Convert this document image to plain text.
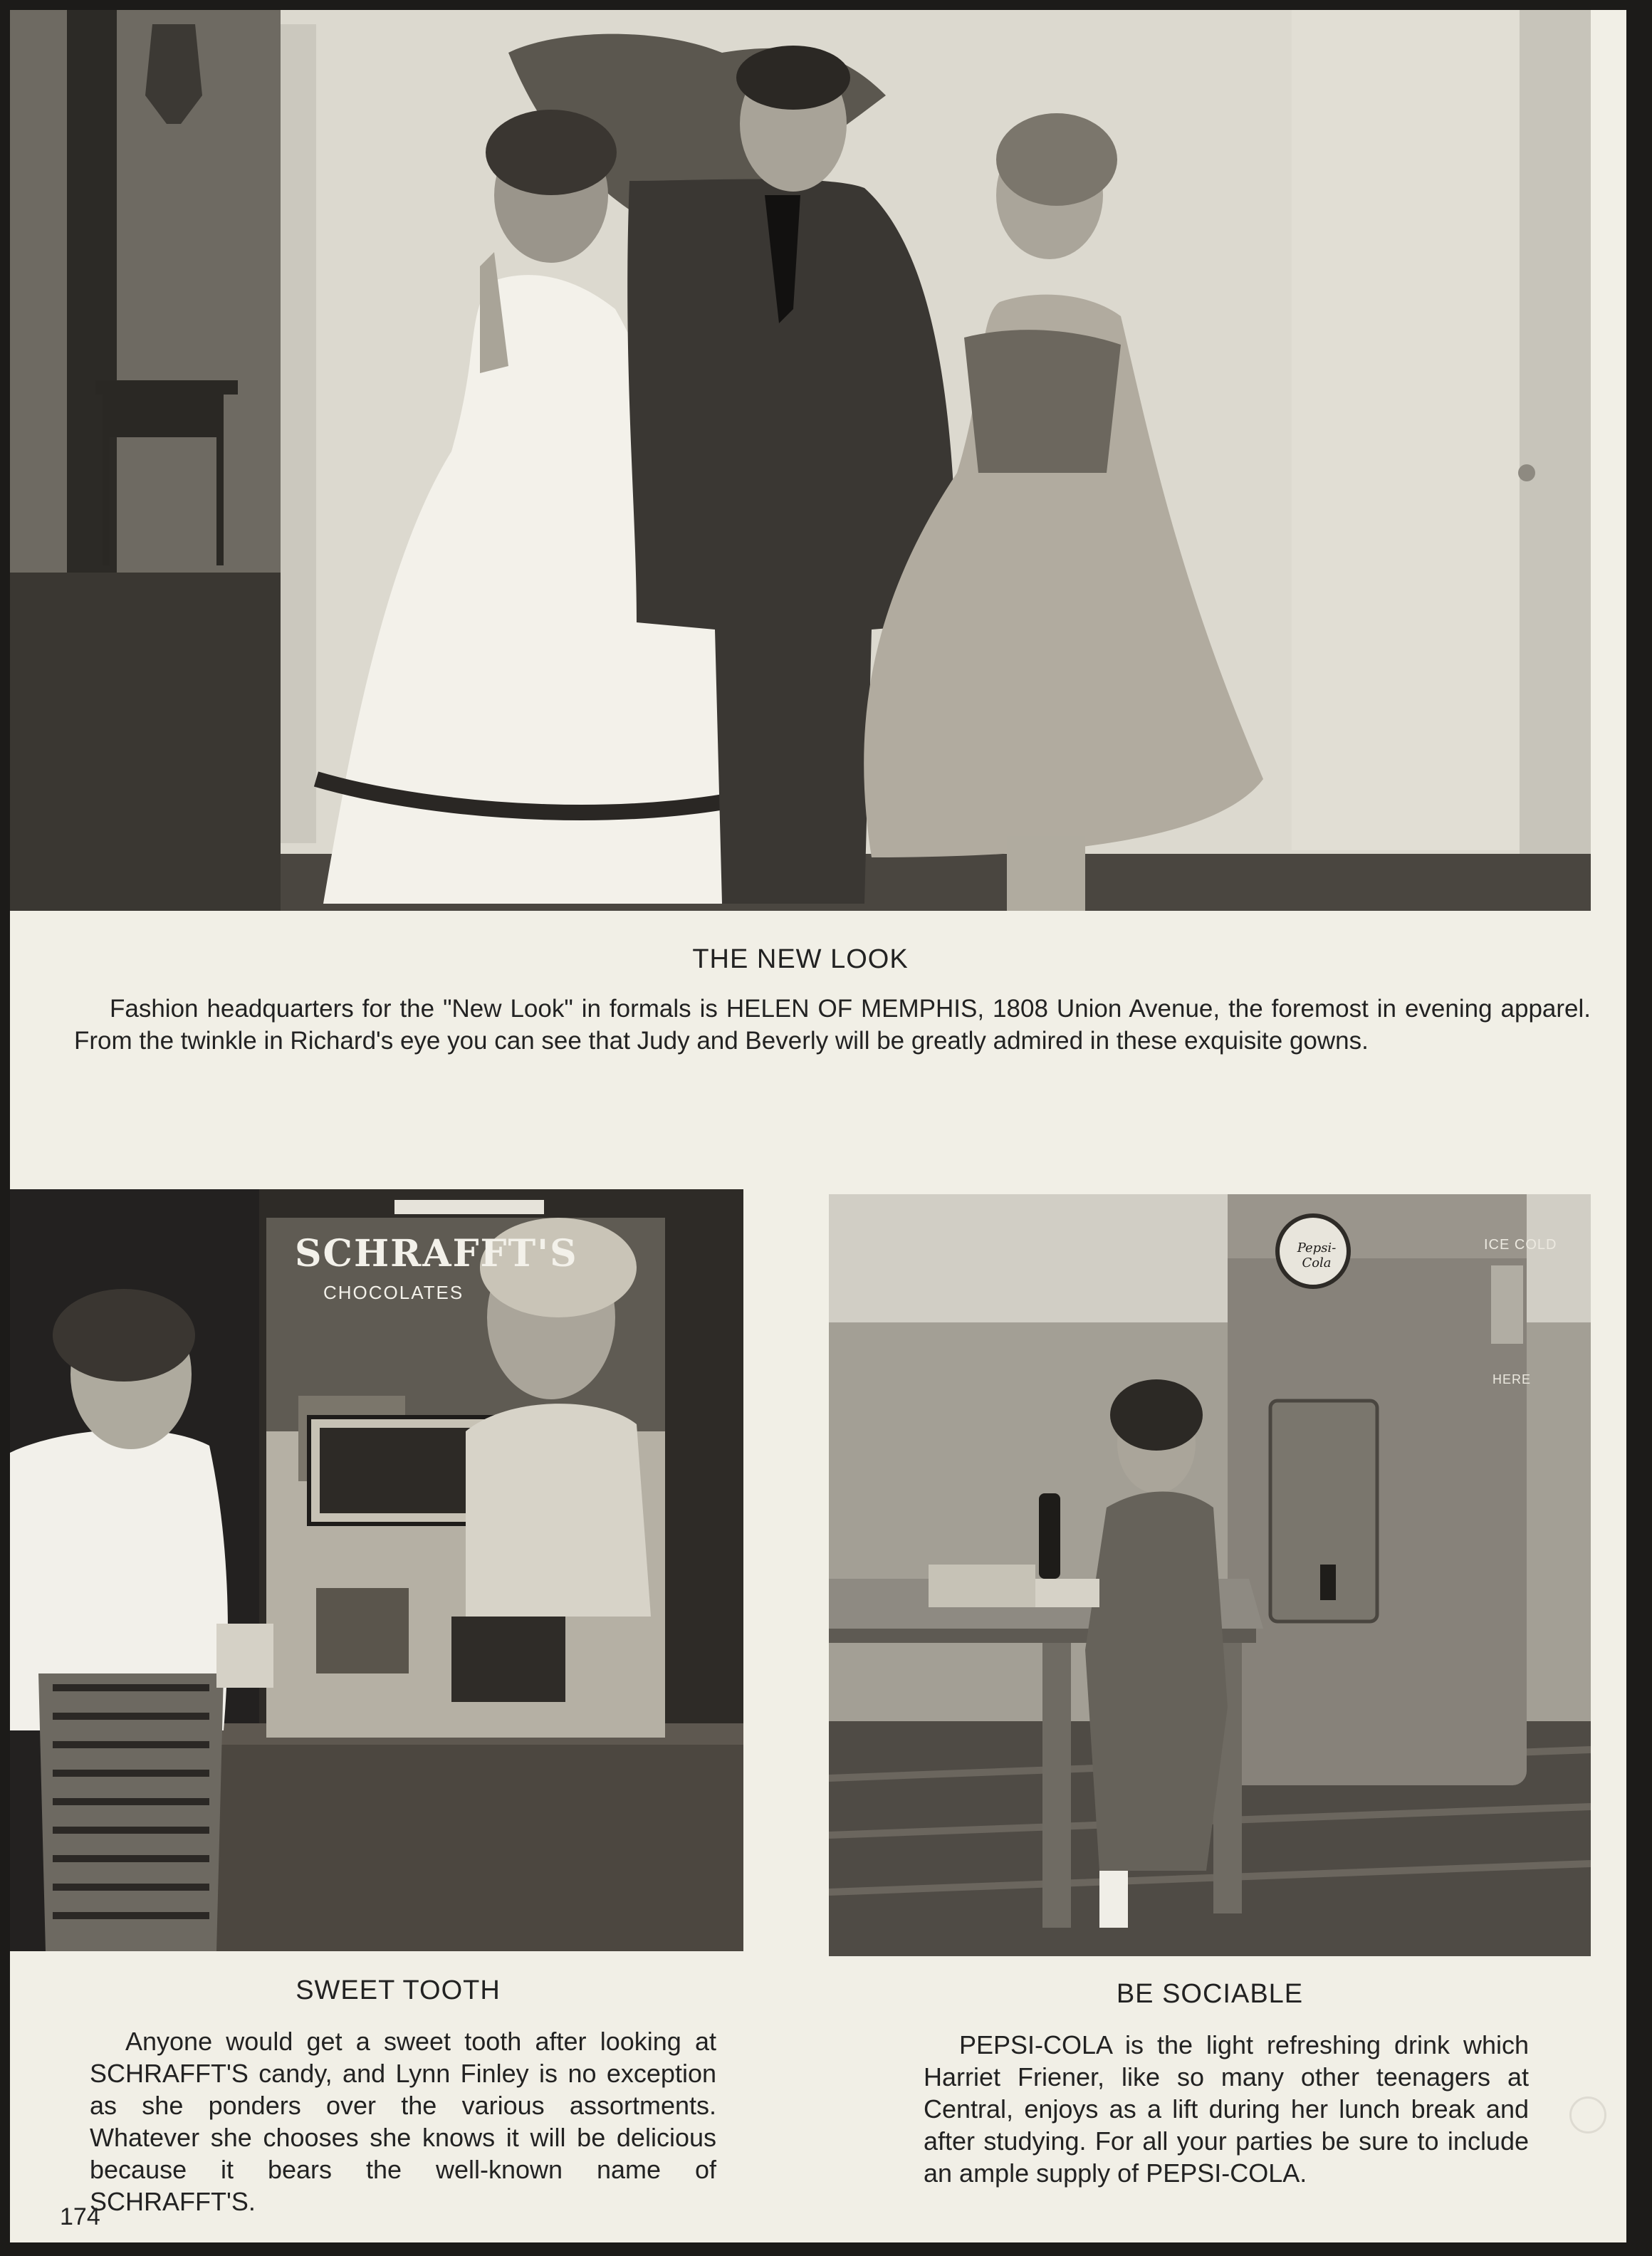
THE NEW LOOK
Fashion headquarters for the "New Look" in formals is HELEN OF MEMPHIS, 1808 Union Avenue, the foremost in evening apparel. From the twinkle in Richard's eye you can see that Judy and Beverly will be greatly admired in these exquisite gowns.
SCHRAFFT'S
CHOCOLATES
SWEET TOOTH
Anyone would get a sweet tooth after looking at SCHRAFFT'S candy, and Lynn Finley is no exception as she ponders over the various assortments. Whatever she chooses she knows it will be delicious because it bears the well-known name of SCHRAFFT'S.
Pepsi-Cola
ICE COLD
HERE
BE SOCIABLE
PEPSI-COLA is the light refreshing drink which Harriet Friener, like so many other teenagers at Central, enjoys as a lift during her lunch break and after studying. For all your parties be sure to include an ample supply of PEPSI-COLA.
174
